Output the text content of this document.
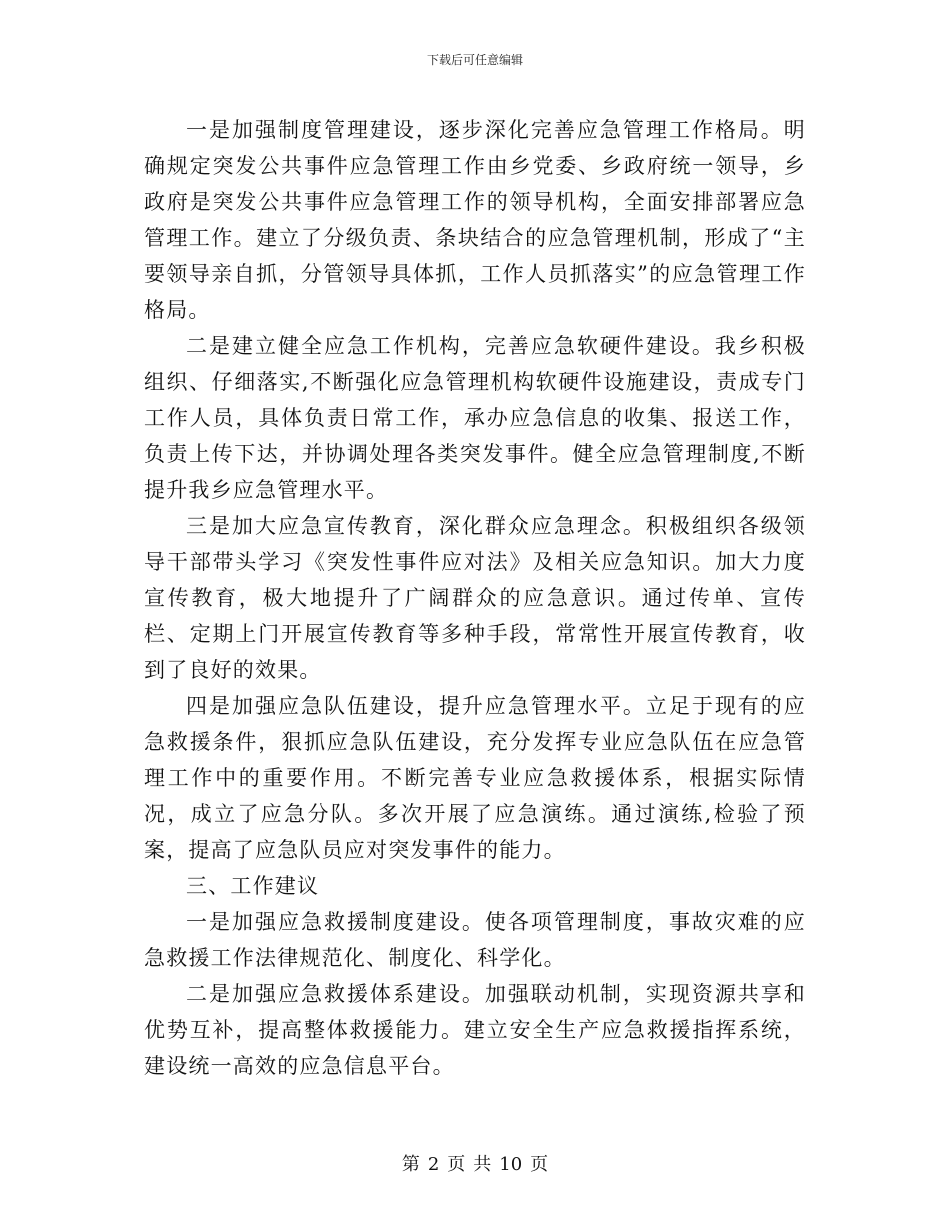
下载后可任意编辑

一是加强制度管理建设，逐步深化完善应急管理工作格局。明确规定突发公共事件应急管理工作由乡党委、乡政府统一领导，乡政府是突发公共事件应急管理工作的领导机构，全面安排部署应急管理工作。建立了分级负责、条块结合的应急管理机制，形成了“主要领导亲自抓，分管领导具体抓，工作人员抓落实”的应急管理工作格局。

二是建立健全应急工作机构，完善应急软硬件建设。我乡积极组织、仔细落实,不断强化应急管理机构软硬件设施建设，责成专门工作人员，具体负责日常工作，承办应急信息的收集、报送工作，负责上传下达，并协调处理各类突发事件。健全应急管理制度,不断提升我乡应急管理水平。

三是加大应急宣传教育，深化群众应急理念。积极组织各级领导干部带头学习《突发性事件应对法》及相关应急知识。加大力度宣传教育，极大地提升了广阔群众的应急意识。通过传单、宣传栏、定期上门开展宣传教育等多种手段，常常性开展宣传教育，收到了良好的效果。

四是加强应急队伍建设，提升应急管理水平。立足于现有的应急救援条件，狠抓应急队伍建设，充分发挥专业应急队伍在应急管理工作中的重要作用。不断完善专业应急救援体系，根据实际情况，成立了应急分队。多次开展了应急演练。通过演练,检验了预案，提高了应急队员应对突发事件的能力。

三、工作建议

一是加强应急救援制度建设。使各项管理制度，事故灾难的应急救援工作法律规范化、制度化、科学化。

二是加强应急救援体系建设。加强联动机制，实现资源共享和优势互补，提高整体救援能力。建立安全生产应急救援指挥系统，建设统一高效的应急信息平台。

第 2 页 共 10 页
